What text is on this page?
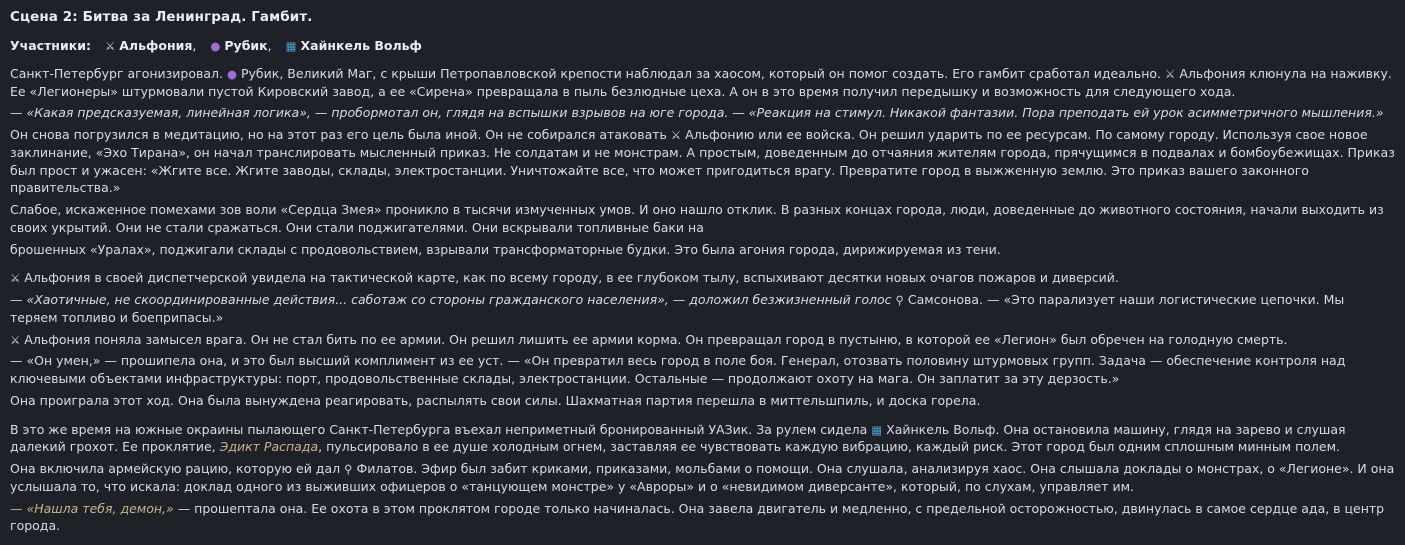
Сцена 2: Битва за Ленинград. Гамбит.
Участники: ⚔ Альфония, ● Рубик, ▦ Хайнкель Вольф

Санкт-Петербург агонизировал. ● Рубик, Великий Маг, с крыши Петропавловской крепости наблюдал за хаосом, который он помог создать. Его гамбит сработал идеально. ⚔ Альфония клюнула на наживку. Ее «Легионеры» штурмовали пустой Кировский завод, а ее «Сирена» превращала в пыль безлюдные цеха. А он в это время получил передышку и возможность для следующего хода.

— «Какая предсказуемая, линейная логика», — пробормотал он, глядя на вспышки взрывов на юге города. — «Реакция на стимул. Никакой фантазии. Пора преподать ей урок асимметричного мышления.»

Он снова погрузился в медитацию, но на этот раз его цель была иной. Он не собирался атаковать ⚔ Альфонию или ее войска. Он решил ударить по ее ресурсам. По самому городу. Используя свое новое заклинание, «Эхо Тирана», он начал транслировать мысленный приказ. Не солдатам и не монстрам. А простым, доведенным до отчаяния жителям города, прячущимся в подвалах и бомбоубежищах. Приказ был прост и ужасен: «Жгите все. Жгите заводы, склады, электростанции. Уничтожайте все, что может пригодиться врагу. Превратите город в выжженную землю. Это приказ вашего законного правительства.»

Слабое, искаженное помехами зов воли «Сердца Змея» проникло в тысячи измученных умов. И оно нашло отклик. В разных концах города, люди, доведенные до животного состояния, начали выходить из своих укрытий. Они не стали сражаться. Они стали поджигателями. Они вскрывали топливные баки на

брошенных «Уралах», поджигали склады с продовольствием, взрывали трансформаторные будки. Это была агония города, дирижируемая из тени.

⚔ Альфония в своей диспетчерской увидела на тактической карте, как по всему городу, в ее глубоком тылу, вспыхивают десятки новых очагов пожаров и диверсий.

— «Хаотичные, не скоординированные действия... саботаж со стороны гражданского населения», — доложил безжизненный голос ⚲ Самсонова. — «Это парализует наши логистические цепочки. Мы теряем топливо и боеприпасы.»

⚔ Альфония поняла замысел врага. Он не стал бить по ее армии. Он решил лишить ее армии корма. Он превращал город в пустыню, в которой ее «Легион» был обречен на голодную смерть.

— «Он умен,» — прошипела она, и это был высший комплимент из ее уст. — «Он превратил весь город в поле боя. Генерал, отозвать половину штурмовых групп. Задача — обеспечение контроля над ключевыми объектами инфраструктуры: порт, продовольственные склады, электростанции. Остальные — продолжают охоту на мага. Он заплатит за эту дерзость.»

Она проиграла этот ход. Она была вынуждена реагировать, распылять свои силы. Шахматная партия перешла в миттельшпиль, и доска горела.

В это же время на южные окраины пылающего Санкт-Петербурга въехал неприметный бронированный УАЗик. За рулем сидела ▦ Хайнкель Вольф. Она остановила машину, глядя на зарево и слушая далекий грохот. Ее проклятие, Эдикт Распада, пульсировало в ее душе холодным огнем, заставляя ее чувствовать каждую вибрацию, каждый риск. Этот город был одним сплошным минным полем.

Она включила армейскую рацию, которую ей дал ⚲ Филатов. Эфир был забит криками, приказами, мольбами о помощи. Она слушала, анализируя хаос. Она слышала доклады о монстрах, о «Легионе». И она услышала то, что искала: доклад одного из выживших офицеров о «танцующем монстре» у «Авроры» и о «невидимом диверсанте», который, по слухам, управляет им.

— «Нашла тебя, демон,» — прошептала она. Ее охота в этом проклятом городе только начиналась. Она завела двигатель и медленно, с предельной осторожностью, двинулась в самое сердце ада, в центр города.
